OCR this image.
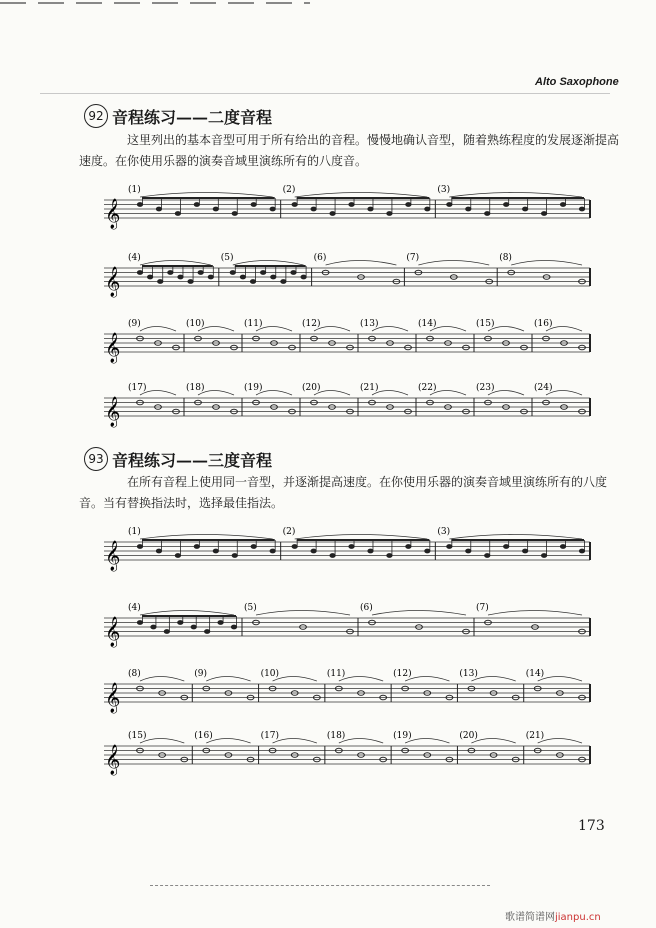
Alto Saxophone
92 音程练习——二度音程
这里列出的基本音型可用于所有给出的音程。慢慢地确认音型，随着熟练程度的发展逐渐提高
速度。在你使用乐器的演奏音域里演练所有的八度音。
93 音程练习——三度音程
在所有音程上使用同一音型，并逐渐提高速度。在你使用乐器的演奏音域里演练所有的八度
音。当有替换指法时，选择最佳指法。
𝄞
(1)	(2)	(3)
𝄞
(4)	(5)	(6)	(7)	(8)
𝄞
(9)	(10)	(11)	(12)	(13)	(14)	(15)	(16)
𝄞
(17)	(18)	(19)	(20)	(21)	(22)	(23)	(24)
𝄞
(1)	(2)	(3)
𝄞
(4)	(5)	(6)	(7)
𝄞
(8)	(9)	(10)	(11)	(12)	(13)	(14)
𝄞
(15)	(16)	(17)	(18)	(19)	(20)	(21)
173
歌谱简谱网jianpu.cn
